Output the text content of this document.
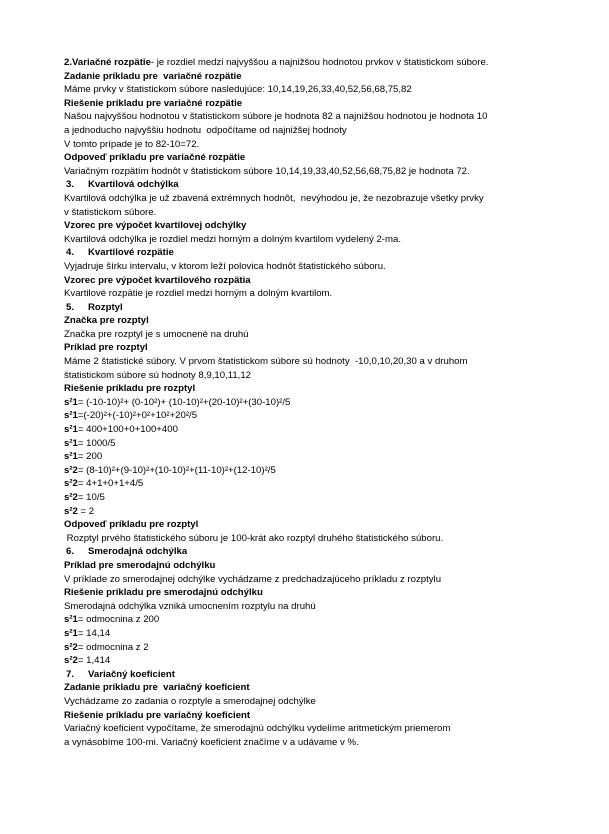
2.Variačné rozpätie- je rozdiel medzi najvyššou a najnižšou hodnotou prvkov v štatistickom súbore.
Zadanie príkladu pre  variačné rozpätie
Máme prvky v štatistickom súbore nasledujúce: 10,14,19,26,33,40,52,56,68,75,82
Riešenie príkladu pre variačné rozpätie
Našou najvyššou hodnotou v štatistickom súbore je hodnota 82 a najnižšou hodnotou je hodnota 10
a jednoducho najvyššiu hodnotu  odpočítame od najnižšej hodnoty
V tomto prípade je to 82-10=72.
Odpoveď príkladu pre variačné rozpätie
Variačným rozpätím hodnôt v štatistickom súbore 10,14,19,33,40,52,56,68,75,82 je hodnota 72.
3. Kvartilová odchýlka
Kvartilová odchýlka je už zbavená extrémnych hodnôt,  nevýhodou je, že nezobrazuje všetky prvky
v štatistickom súbore.
Vzorec pre výpočet kvartilovej odchýlky
Kvartilová odchýlka je rozdiel medzi horným a dolným kvartilom vydelený 2-ma.
4. Kvartilové rozpätie
Vyjadruje šírku intervalu, v ktorom leží polovica hodnôt štatistického súboru.
Vzorec pre výpočet kvartilového rozpätia
Kvartilové rozpätie je rozdiel medzi horným a dolným kvartilom.
5. Rozptyl
Značka pre rozptyl
Značka pre rozptyl je s umocnené na druhú
Príklad pre rozptyl
Máme 2 štatistické súbory. V prvom štatistickom súbore sú hodnoty  -10,0,10,20,30 a v druhom
štatistickom súbore sú hodnoty 8,9,10,11,12
Riešenie príkladu pre rozptyl
s²1= (-10-10)²+ (0-10²)+ (10-10)²+(20-10)²+(30-10)²/5
s²1=(-20)²+(-10)²+0²+10²+20²/5
s²1= 400+100+0+100+400
s²1= 1000/5
s²1= 200
s²2= (8-10)²+(9-10)²+(10-10)²+(11-10)²+(12-10)²/5
s²2= 4+1+0+1+4/5
s²2= 10/5
s²2 = 2
Odpoveď príkladu pre rozptyl
Rozptyl prvého štatistického súboru je 100-krát ako rozptyl druhého štatistického súboru.
6. Smerodajná odchýlka
Príklad pre smerodajnú odchýlku
V príklade zo smerodajnej odchýlke vychádzame z predchadzajúceho príkladu z rozptylu
Riešenie príkladu pre smerodajnú odchýlku
Smerodajná odchýlka vzniká umocnením rozptylu na druhú
s²1= odmocnina z 200
s²1= 14,14
s²2= odmocnina z 2
s²2= 1,414
7. Variačný koeficient
Zadanie príkladu pre  variačný koeficient
Vychádzame zo zadania o rozptyle a smerodajnej odchýlke
Riešenie príkladu pre variačný koeficient
Variačný koeficient vypočítame, že smerodajnú odchýlku vydelíme aritmetickým priemerom
a vynásobíme 100-mi. Variačný koeficient značíme v a udávame v %.
